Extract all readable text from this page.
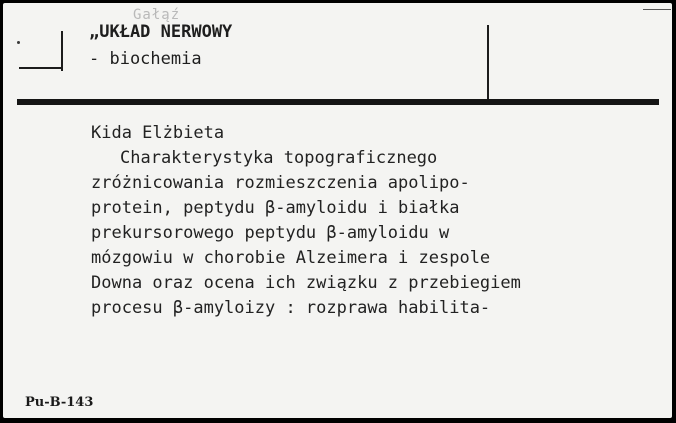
Gałąź
„UKŁAD NERWOWY
- biochemia
Kida Elżbieta
Charakterystyka topograficznego
zróżnicowania rozmieszczenia apolipo-
protein, peptydu β-amyloidu i białka
prekursorowego peptydu β-amyloidu w
mózgowiu w chorobie Alzeimera i zespole
Downa oraz ocena ich związku z przebiegiem
procesu β-amyloizy : rozprawa habilita-
Pu-B-143
